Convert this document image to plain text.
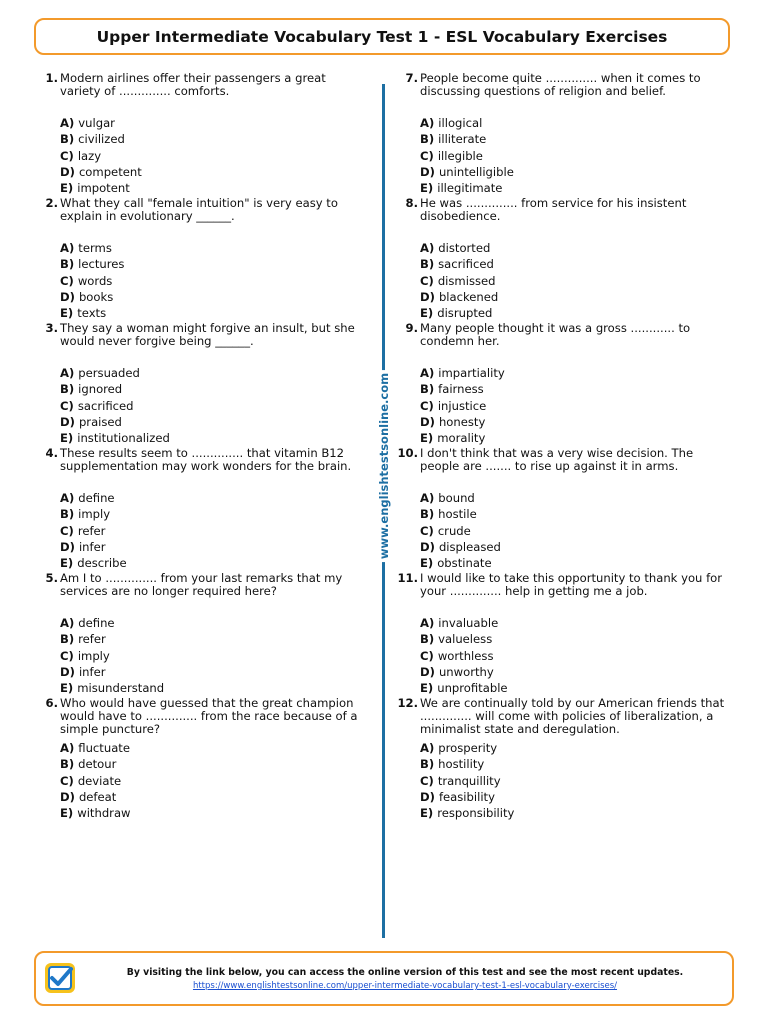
Upper Intermediate Vocabulary Test 1 - ESL Vocabulary Exercises
1. Modern airlines offer their passengers a great variety of .............. comforts.
A) vulgar
B) civilized
C) lazy
D) competent
E) impotent
2. What they call "female intuition" is very easy to explain in evolutionary ______.
A) terms
B) lectures
C) words
D) books
E) texts
3. They say a woman might forgive an insult, but she would never forgive being ______.
A) persuaded
B) ignored
C) sacrificed
D) praised
E) institutionalized
4. These results seem to .............. that vitamin B12 supplementation may work wonders for the brain.
A) define
B) imply
C) refer
D) infer
E) describe
5. Am I to .............. from your last remarks that my services are no longer required here?
A) define
B) refer
C) imply
D) infer
E) misunderstand
6. Who would have guessed that the great champion would have to .............. from the race because of a simple puncture?
A) fluctuate
B) detour
C) deviate
D) defeat
E) withdraw
7. People become quite .............. when it comes to discussing questions of religion and belief.
A) illogical
B) illiterate
C) illegible
D) unintelligible
E) illegitimate
8. He was .............. from service for his insistent disobedience.
A) distorted
B) sacrificed
C) dismissed
D) blackened
E) disrupted
9. Many people thought it was a gross ............ to condemn her.
A) impartiality
B) fairness
C) injustice
D) honesty
E) morality
10. I don't think that was a very wise decision. The people are ....... to rise up against it in arms.
A) bound
B) hostile
C) crude
D) displeased
E) obstinate
11. I would like to take this opportunity to thank you for your .............. help in getting me a job.
A) invaluable
B) valueless
C) worthless
D) unworthy
E) unprofitable
12. We are continually told by our American friends that .............. will come with policies of liberalization, a minimalist state and deregulation.
A) prosperity
B) hostility
C) tranquillity
D) feasibility
E) responsibility
www.englishtestsonline.com
By visiting the link below, you can access the online version of this test and see the most recent updates.
https://www.englishtestsonline.com/upper-intermediate-vocabulary-test-1-esl-vocabulary-exercises/
